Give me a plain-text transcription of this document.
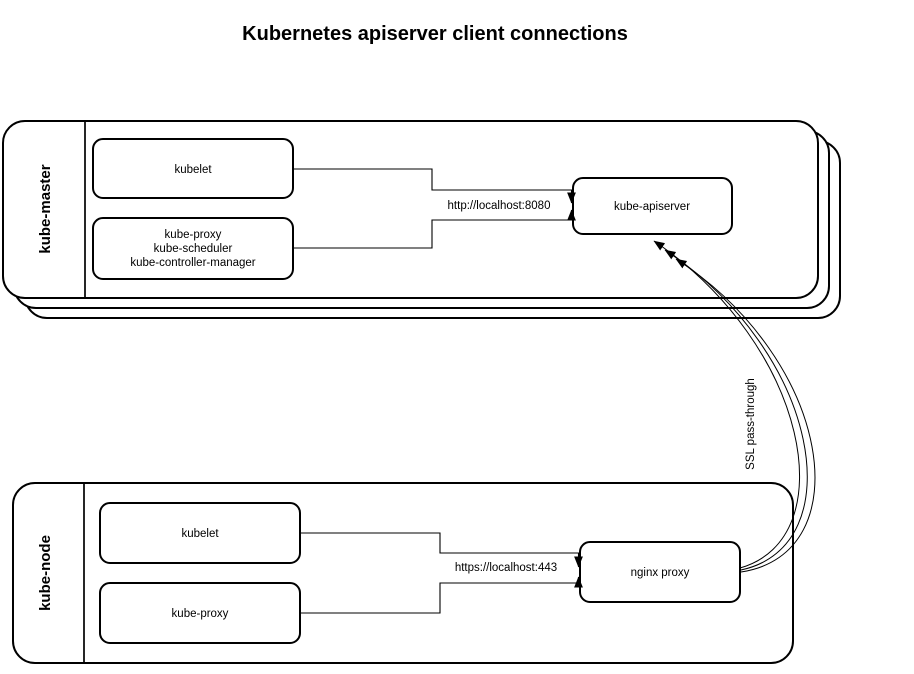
Kubernetes apiserver client connections
kube-master	kubelet
kube-proxy
kube-scheduler
kube-controller-manager
kube-apiserver
http://localhost:8080
kube-node
kubelet
kube-proxy
nginx proxy
https://localhost:443
SSL pass-through
